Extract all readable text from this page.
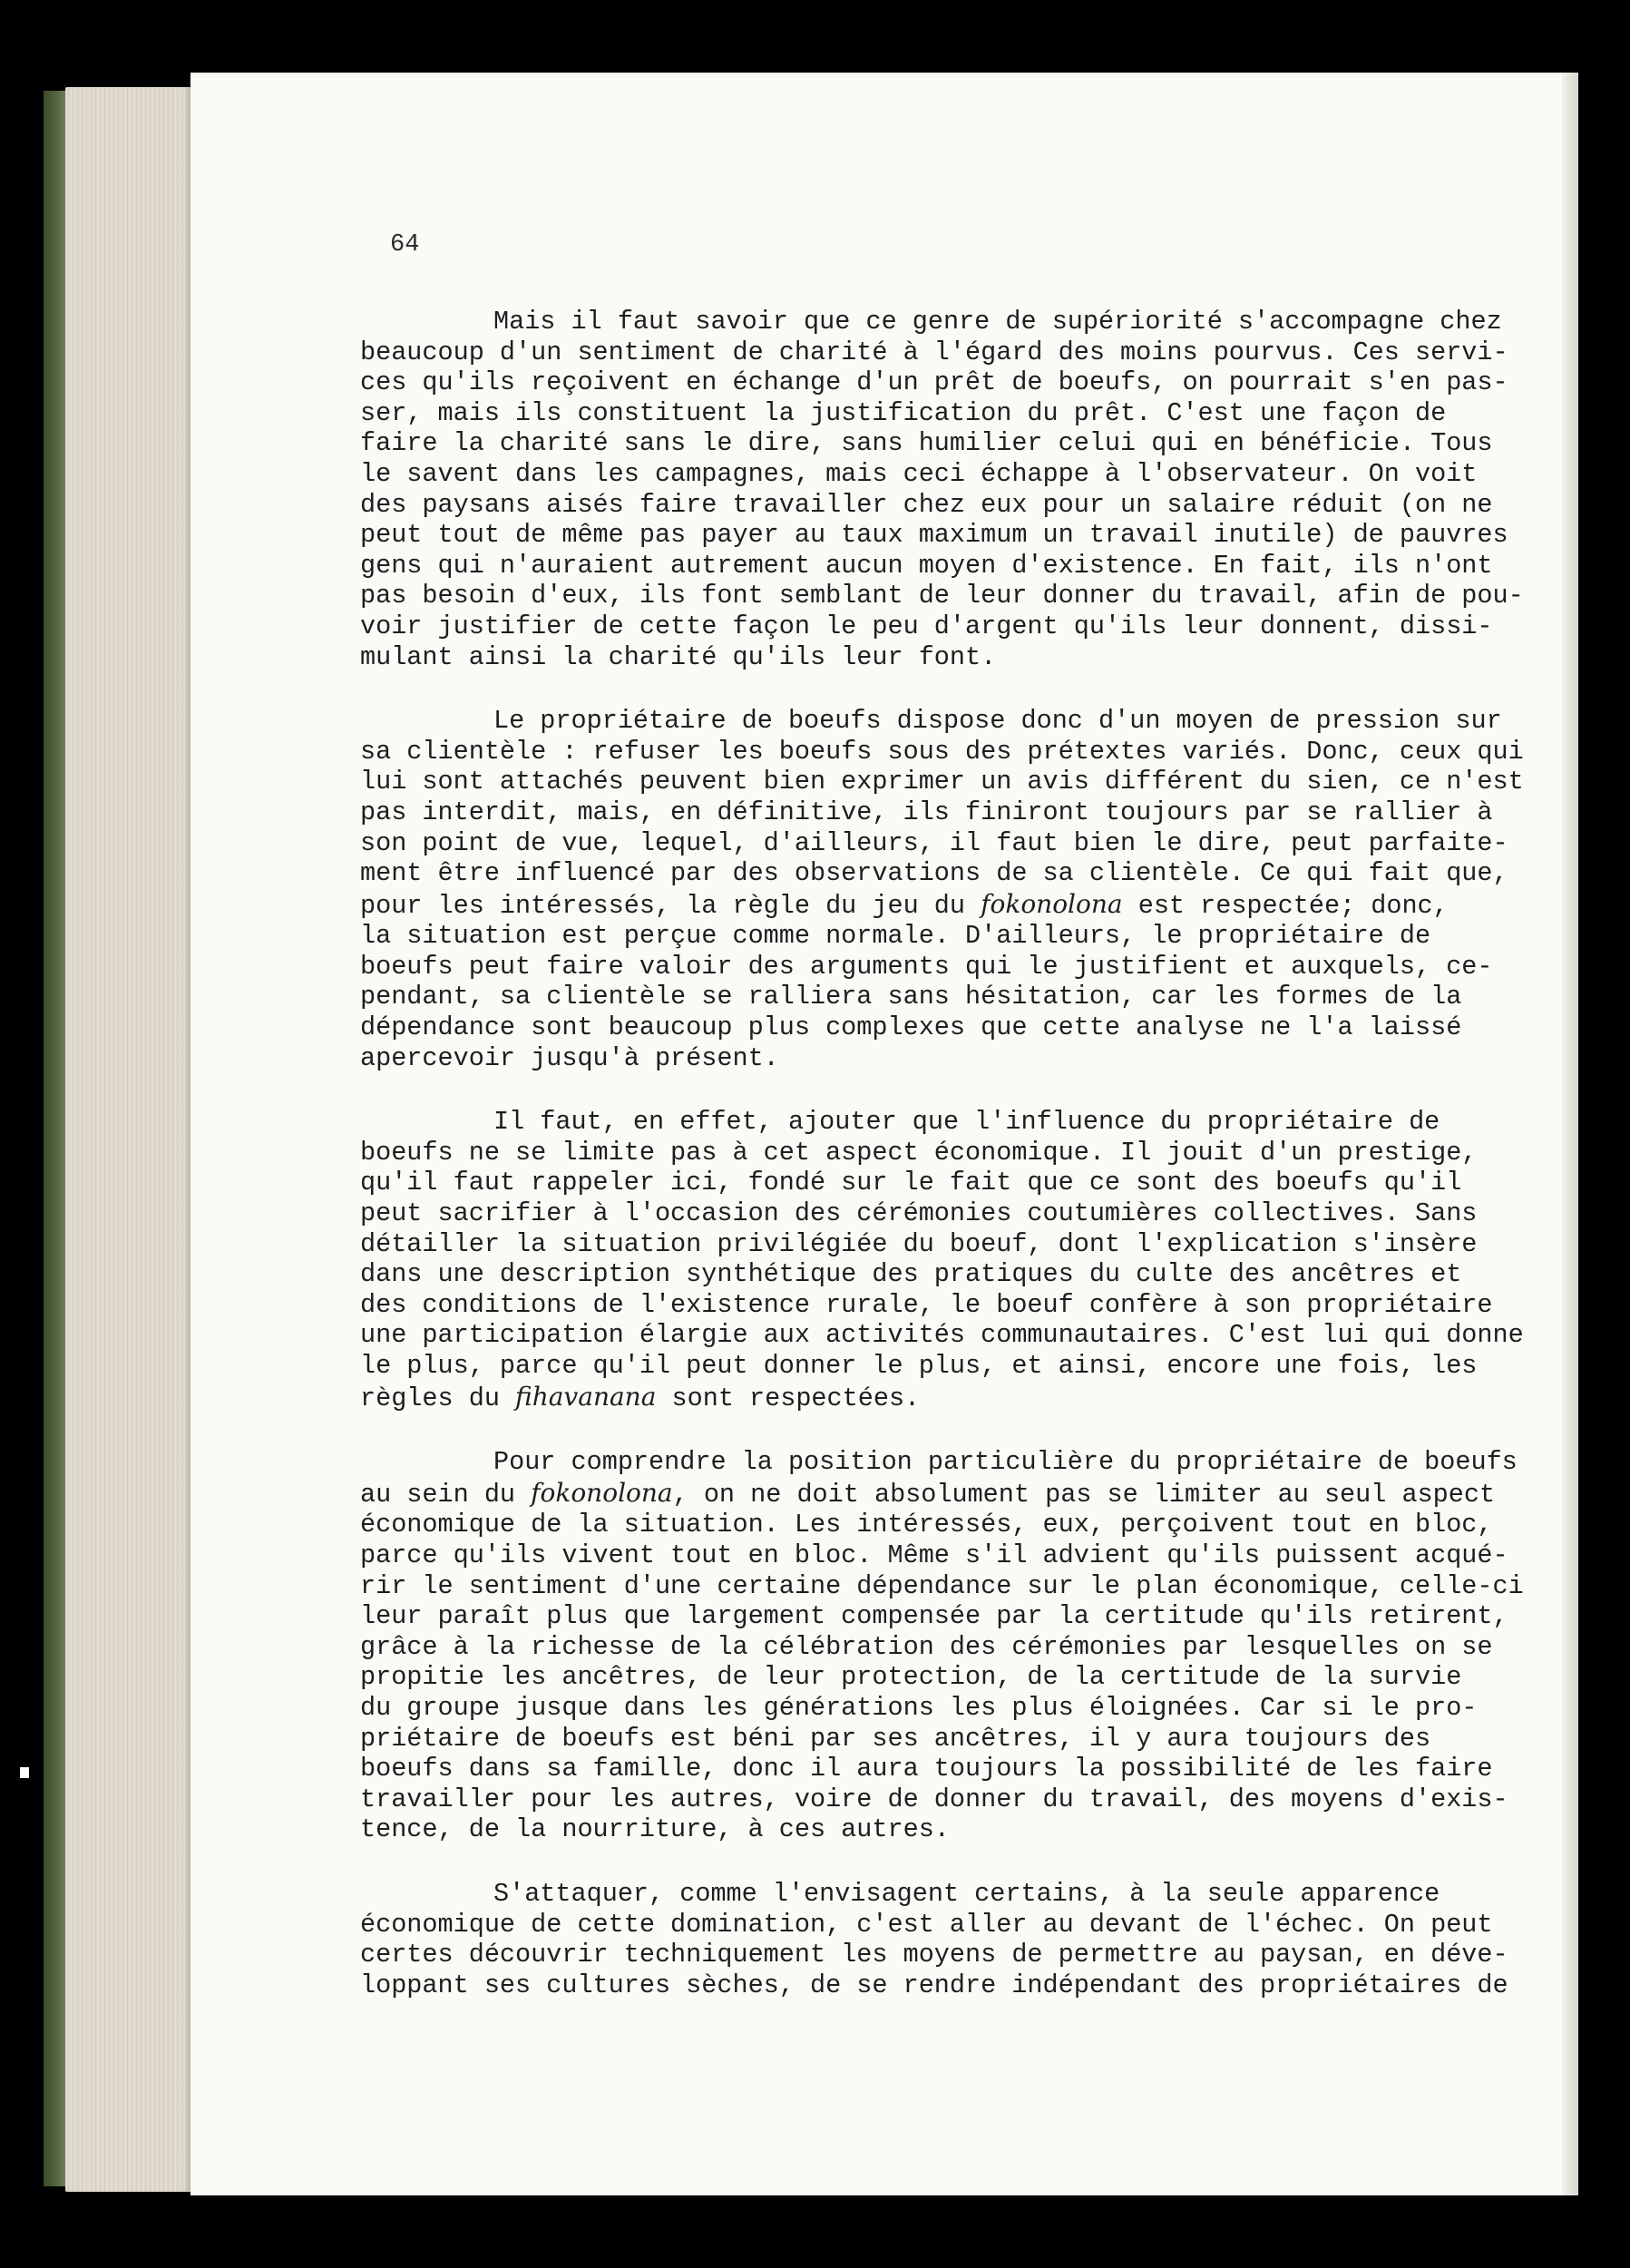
64

Mais il faut savoir que ce genre de supériorité s'accompagne chez
beaucoup d'un sentiment de charité à l'égard des moins pourvus. Ces servi-
ces qu'ils reçoivent en échange d'un prêt de boeufs, on pourrait s'en pas-
ser, mais ils constituent la justification du prêt. C'est une façon de
faire la charité sans le dire, sans humilier celui qui en bénéficie. Tous
le savent dans les campagnes, mais ceci échappe à l'observateur. On voit
des paysans aisés faire travailler chez eux pour un salaire réduit (on ne
peut tout de même pas payer au taux maximum un travail inutile) de pauvres
gens qui n'auraient autrement aucun moyen d'existence. En fait, ils n'ont
pas besoin d'eux, ils font semblant de leur donner du travail, afin de pou-
voir justifier de cette façon le peu d'argent qu'ils leur donnent, dissi-
mulant ainsi la charité qu'ils leur font.
Le propriétaire de boeufs dispose donc d'un moyen de pression sur
sa clientèle : refuser les boeufs sous des prétextes variés. Donc, ceux qui
lui sont attachés peuvent bien exprimer un avis différent du sien, ce n'est
pas interdit, mais, en définitive, ils finiront toujours par se rallier à
son point de vue, lequel, d'ailleurs, il faut bien le dire, peut parfaite-
ment être influencé par des observations de sa clientèle. Ce qui fait que,
pour les intéressés, la règle du jeu du fokonolona est respectée; donc,
la situation est perçue comme normale. D'ailleurs, le propriétaire de
boeufs peut faire valoir des arguments qui le justifient et auxquels, ce-
pendant, sa clientèle se ralliera sans hésitation, car les formes de la
dépendance sont beaucoup plus complexes que cette analyse ne l'a laissé
apercevoir jusqu'à présent.
Il faut, en effet, ajouter que l'influence du propriétaire de
boeufs ne se limite pas à cet aspect économique. Il jouit d'un prestige,
qu'il faut rappeler ici, fondé sur le fait que ce sont des boeufs qu'il
peut sacrifier à l'occasion des cérémonies coutumières collectives. Sans
détailler la situation privilégiée du boeuf, dont l'explication s'insère
dans une description synthétique des pratiques du culte des ancêtres et
des conditions de l'existence rurale, le boeuf confère à son propriétaire
une participation élargie aux activités communautaires. C'est lui qui donne
le plus, parce qu'il peut donner le plus, et ainsi, encore une fois, les
règles du fihavanana sont respectées.
Pour comprendre la position particulière du propriétaire de boeufs
au sein du fokonolona, on ne doit absolument pas se limiter au seul aspect
économique de la situation. Les intéressés, eux, perçoivent tout en bloc,
parce qu'ils vivent tout en bloc. Même s'il advient qu'ils puissent acqué-
rir le sentiment d'une certaine dépendance sur le plan économique, celle-ci
leur paraît plus que largement compensée par la certitude qu'ils retirent,
grâce à la richesse de la célébration des cérémonies par lesquelles on se
propitie les ancêtres, de leur protection, de la certitude de la survie
du groupe jusque dans les générations les plus éloignées. Car si le pro-
priétaire de boeufs est béni par ses ancêtres, il y aura toujours des
boeufs dans sa famille, donc il aura toujours la possibilité de les faire
travailler pour les autres, voire de donner du travail, des moyens d'exis-
tence, de la nourriture, à ces autres.
S'attaquer, comme l'envisagent certains, à la seule apparence
économique de cette domination, c'est aller au devant de l'échec. On peut
certes découvrir techniquement les moyens de permettre au paysan, en déve-
loppant ses cultures sèches, de se rendre indépendant des propriétaires de
